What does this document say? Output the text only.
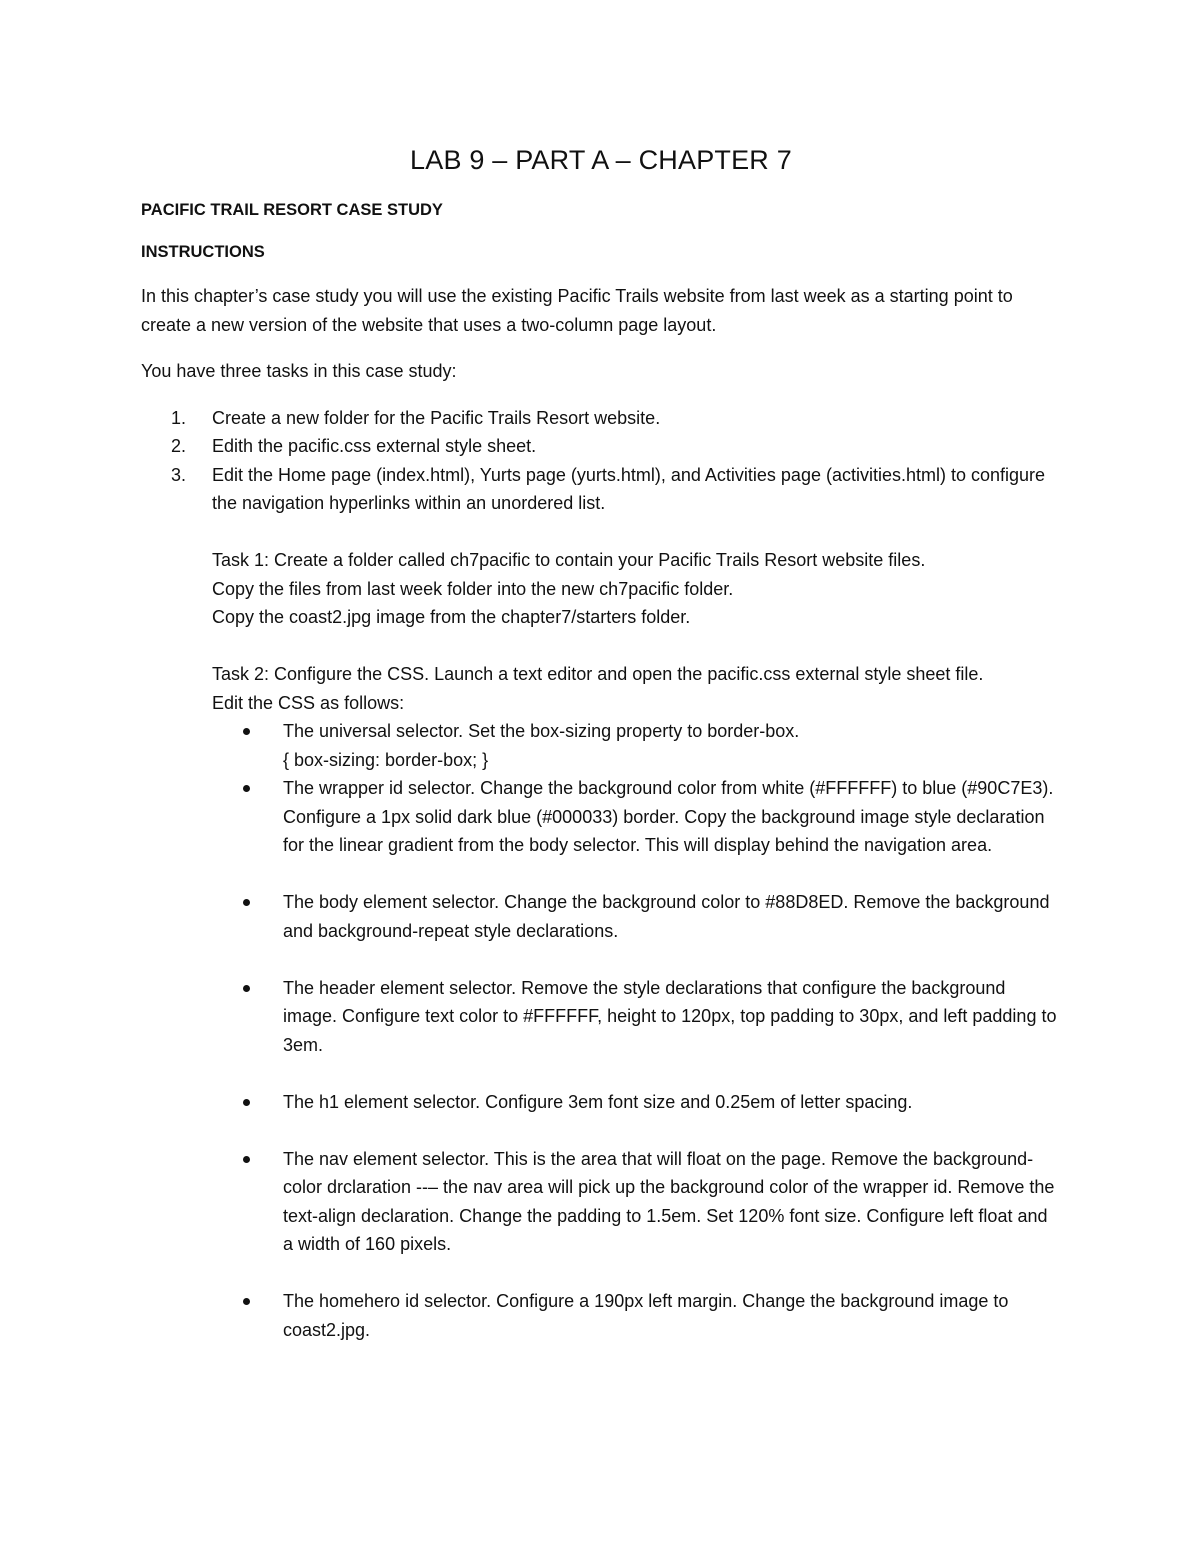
LAB 9 – PART A – CHAPTER 7
PACIFIC TRAIL RESORT CASE STUDY
INSTRUCTIONS

In this chapter’s case study you will use the existing Pacific Trails website from last week as a starting point to create a new version of the website that uses a two-column page layout.

You have three tasks in this case study:

1. Create a new folder for the Pacific Trails Resort website.
2. Edith the pacific.css external style sheet.
3. Edit the Home page (index.html), Yurts page (yurts.html), and Activities page (activities.html) to configure the navigation hyperlinks within an unordered list.
Task 1: Create a folder called ch7pacific to contain your Pacific Trails Resort website files.
Copy the files from last week folder into the new ch7pacific folder.
Copy the coast2.jpg image from the chapter7/starters folder.
Task 2: Configure the CSS. Launch a text editor and open the pacific.css external style sheet file.
Edit the CSS as follows:
The universal selector. Set the box-sizing property to border-box.
{ box-sizing: border-box; }
The wrapper id selector. Change the background color from white (#FFFFFF) to blue (#90C7E3). Configure a 1px solid dark blue (#000033) border. Copy the background image style declaration for the linear gradient from the body selector. This will display behind the navigation area.
The body element selector. Change the background color to #88D8ED. Remove the background and background-repeat style declarations.
The header element selector. Remove the style declarations that configure the background image. Configure text color to #FFFFFF, height to 120px, top padding to 30px, and left padding to 3em.
The h1 element selector. Configure 3em font size and 0.25em of letter spacing.
The nav element selector. This is the area that will float on the page. Remove the background-color drclaration --– the nav area will pick up the background color of the wrapper id. Remove the text-align declaration. Change the padding to 1.5em. Set 120% font size. Configure left float and a width of 160 pixels.
The homehero id selector. Configure a 190px left margin. Change the background image to coast2.jpg.
